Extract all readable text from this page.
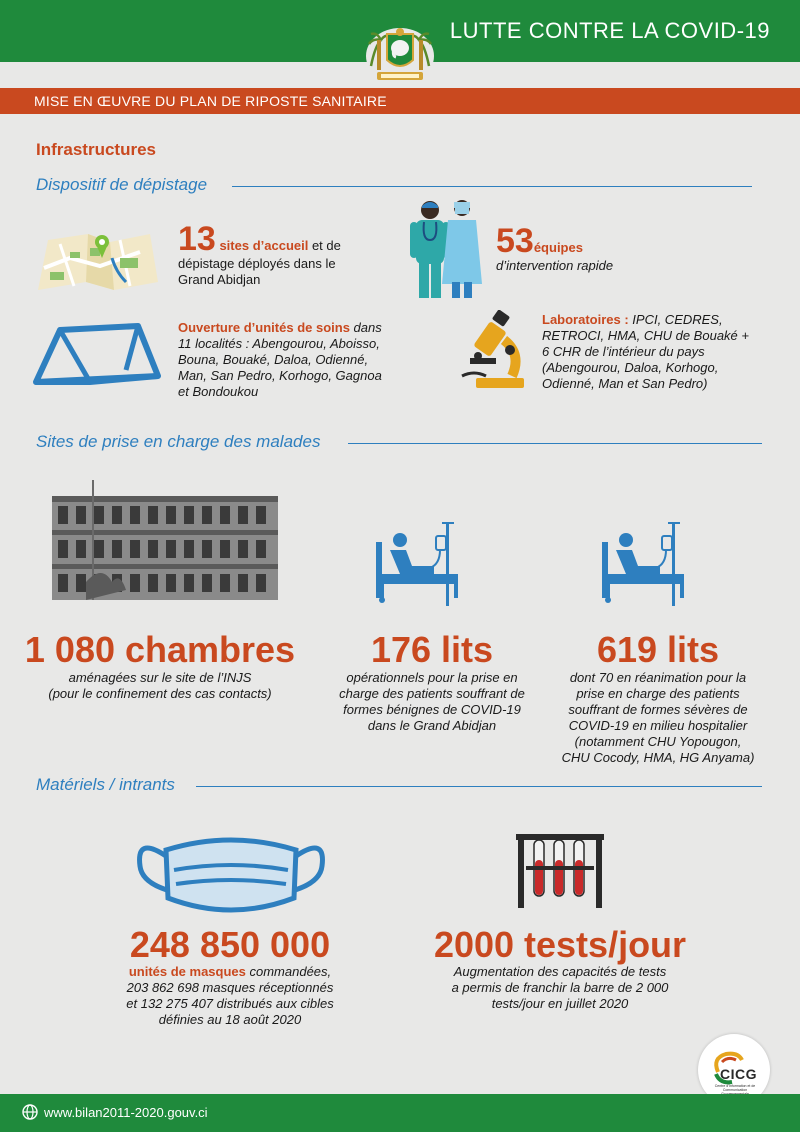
LUTTE CONTRE LA COVID-19
MISE EN ŒUVRE DU PLAN DE RIPOSTE SANITAIRE
Infrastructures
Dispositif de dépistage
13 sites d’accueil et de
dépistage déployés dans le
Grand Abidjan
53équipes
d’intervention rapide
Ouverture d’unités de soins dans
11 localités : Abengourou, Aboisso,
Bouna, Bouaké, Daloa, Odienné,
Man, San Pedro, Korhogo, Gagnoa
et Bondoukou
Laboratoires : IPCI, CEDRES,
RETROCI, HMA, CHU de Bouaké +
6 CHR de l’intérieur du pays
(Abengourou, Daloa, Korhogo,
Odienné, Man et San Pedro)
Sites de prise en charge des malades
1 080 chambres
aménagées sur le site de l’INJS
(pour le confinement des cas contacts)
176 lits
opérationnels pour la prise en
charge des patients souffrant de
formes bénignes de COVID-19
dans le Grand Abidjan
619 lits
dont 70 en réanimation pour la
prise en charge des patients
souffrant de formes sévères de
COVID-19 en milieu hospitalier
(notamment CHU Yopougon,
CHU Cocody, HMA, HG Anyama)
Matériels / intrants
248 850 000
unités de masques commandées,
203 862 698 masques réceptionnés
et 132 275 407 distribués aux cibles
définies au 18 août 2020
2000 tests/jour
Augmentation des capacités de tests
a permis de franchir la barre de 2 000
tests/jour en juillet 2020
CICG
Centre d’Information et de Communication
www.bilan2011-2020.gouv.ci
